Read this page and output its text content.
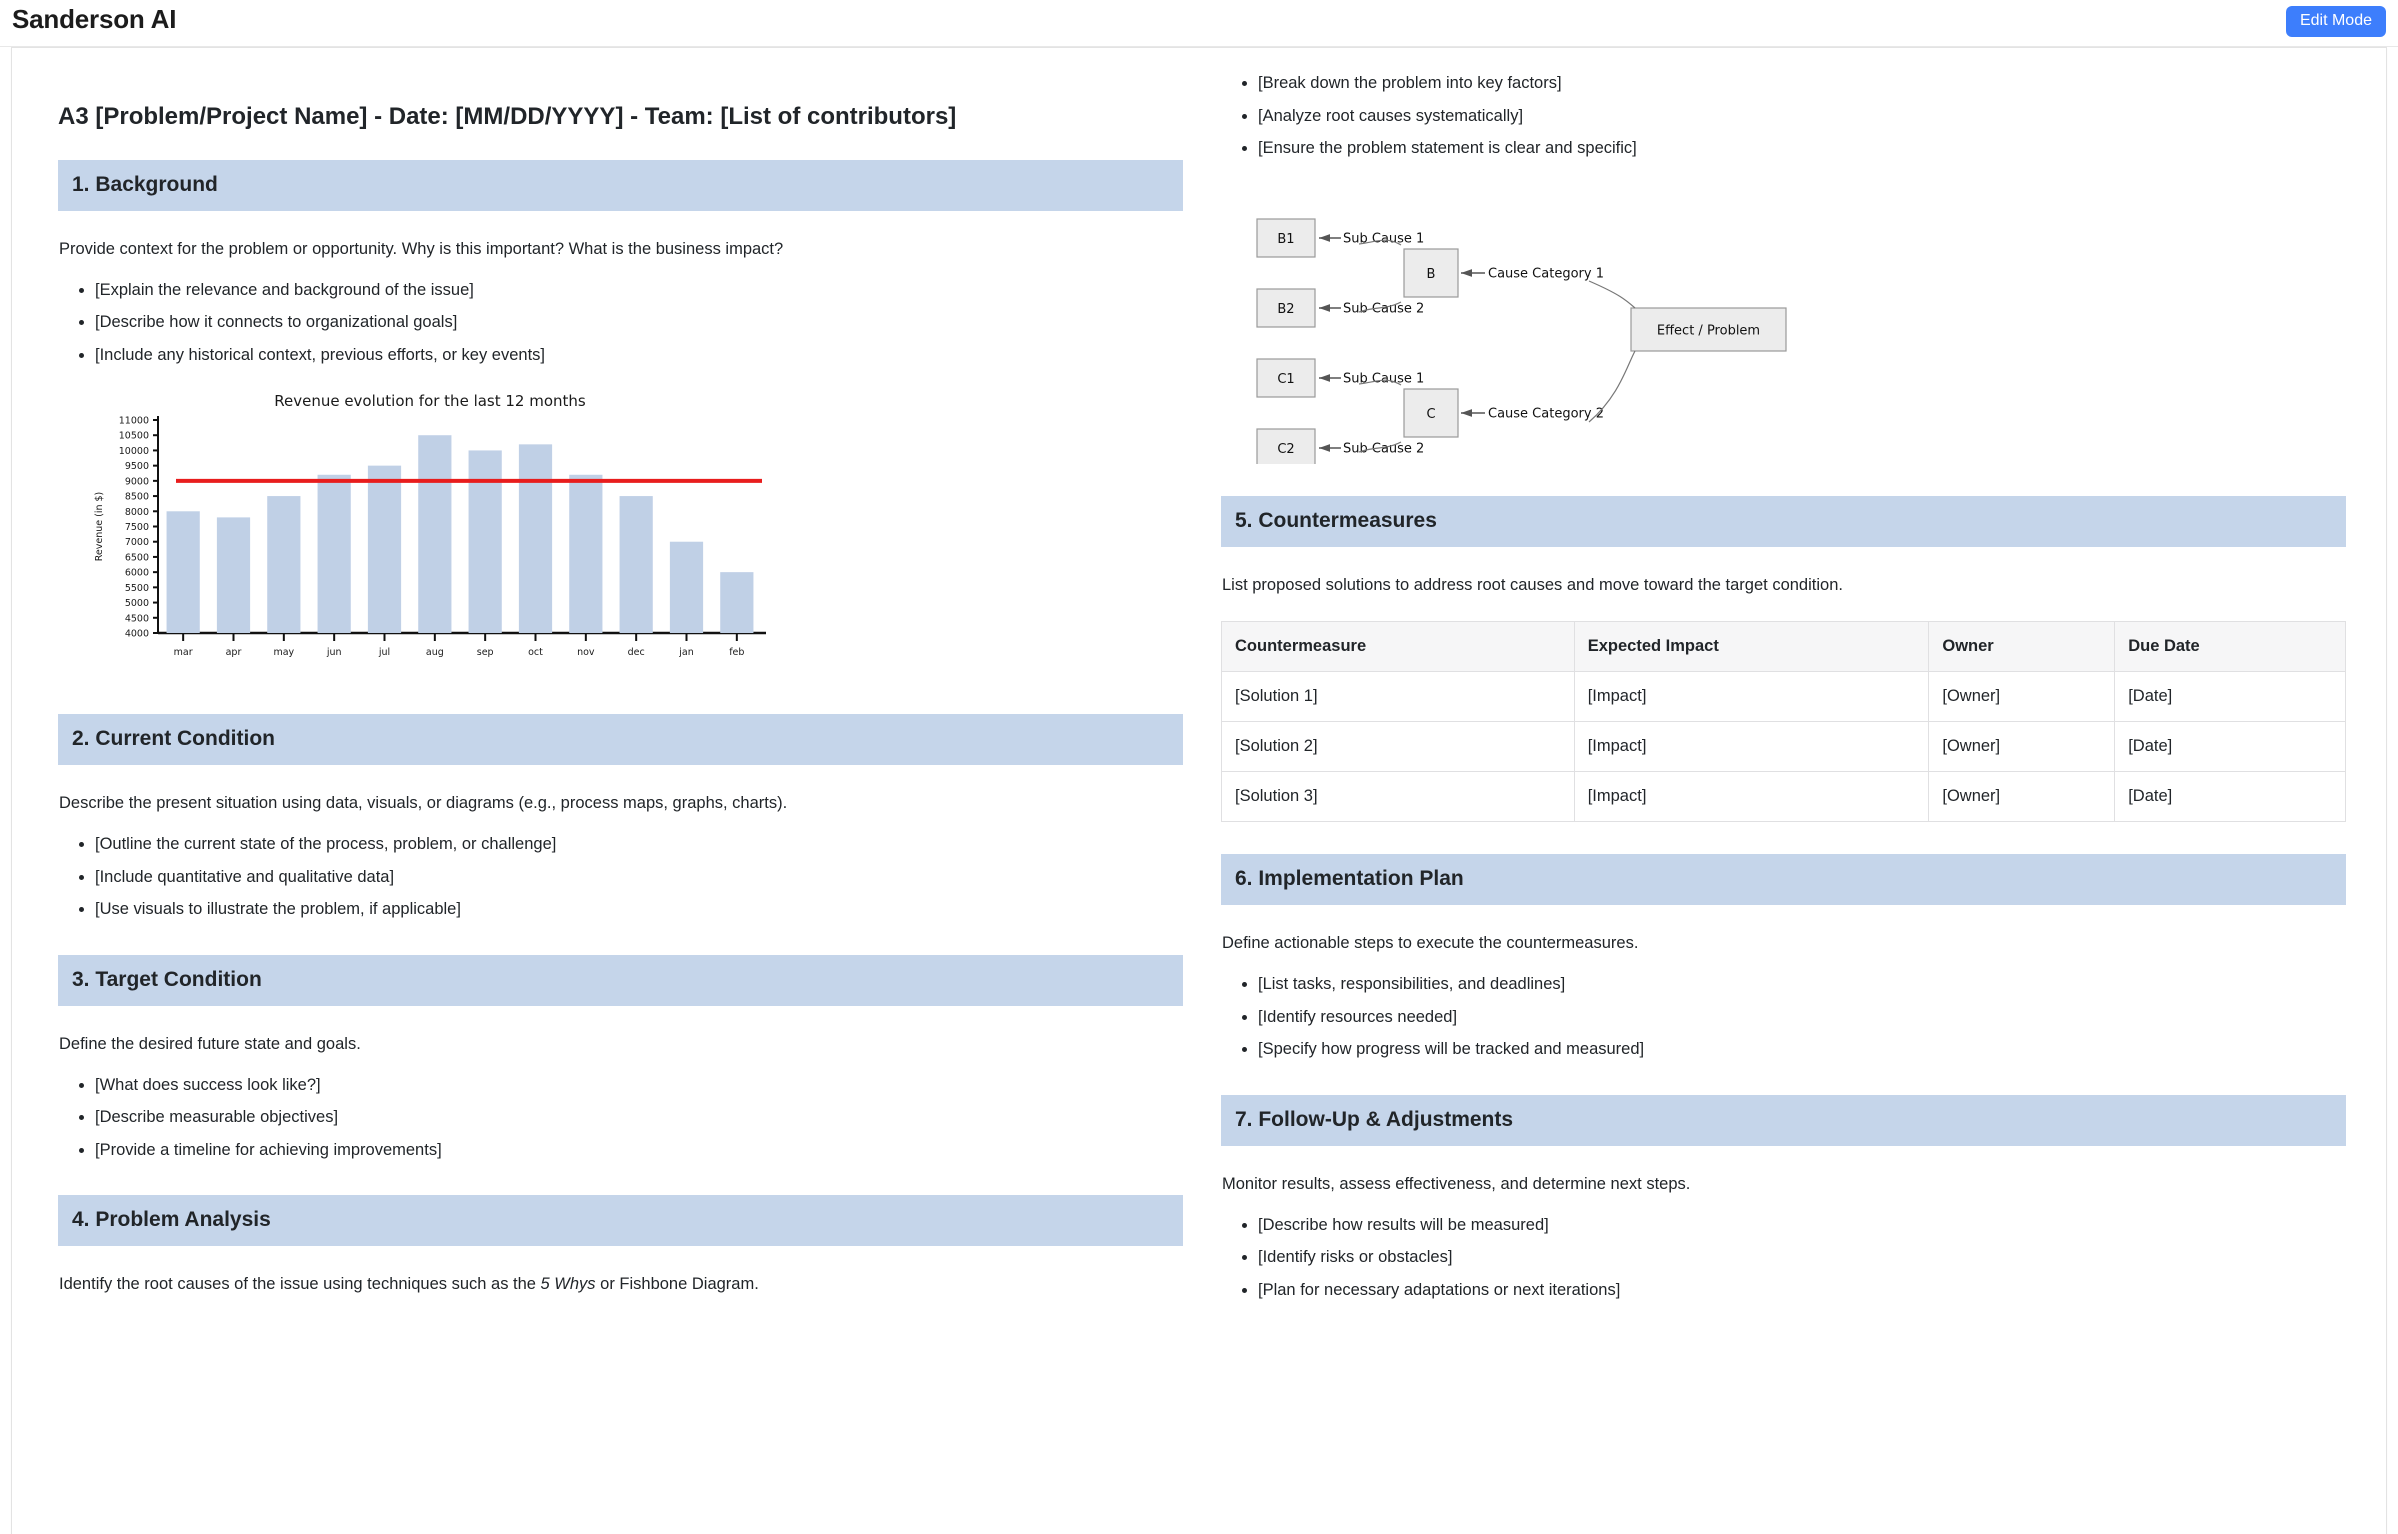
Sanderson AI	Edit Mode
A3 [Problem/Project Name] - Date: [MM/DD/YYYY] - Team: [List of contributors]
1. Background

Provide context for the problem or opportunity. Why is this important? What is the business impact?

• [Explain the relevance and background of the issue]
• [Describe how it connects to organizational goals]
• [Include any historical context, previous efforts, or key events]
Revenue evolution for the last 12 months
4000
4500
5000
5500
6000
6500
7000
7500
8000
8500
9000
9500
10000
10500
11000
Revenue (in $)
mar	apr	may	jun	jul	aug	sep	oct	nov	dec	jan	feb
2. Current Condition

Describe the present situation using data, visuals, or diagrams (e.g., process maps, graphs, charts).

• [Outline the current state of the process, problem, or challenge]
• [Include quantitative and qualitative data]
• [Use visuals to illustrate the problem, if applicable]
3. Target Condition

Define the desired future state and goals.

• [What does success look like?]
• [Describe measurable objectives]
• [Provide a timeline for achieving improvements]
4. Problem Analysis

Identify the root causes of the issue using techniques such as the 5 Whys or Fishbone Diagram.

• [Break down the problem into key factors]
• [Analyze root causes systematically]
• [Ensure the problem statement is clear and specific]
B1
B2
Sub Cause 1
Sub Cause 2
B	Cause Category 1
C1
C2
Sub Cause 1
Sub Cause 2
C	Cause Category 2
Effect / Problem
5. Countermeasures

List proposed solutions to address root causes and move toward the target condition.

Countermeasure	Expected Impact	Owner	Due Date
[Solution 1]	[Impact]	[Owner]	[Date]
[Solution 2]	[Impact]	[Owner]	[Date]
[Solution 3]	[Impact]	[Owner]	[Date]
6. Implementation Plan

Define actionable steps to execute the countermeasures.

• [List tasks, responsibilities, and deadlines]
• [Identify resources needed]
• [Specify how progress will be tracked and measured]
7. Follow-Up & Adjustments

Monitor results, assess effectiveness, and determine next steps.

• [Describe how results will be measured]
• [Identify risks or obstacles]
• [Plan for necessary adaptations or next iterations]
